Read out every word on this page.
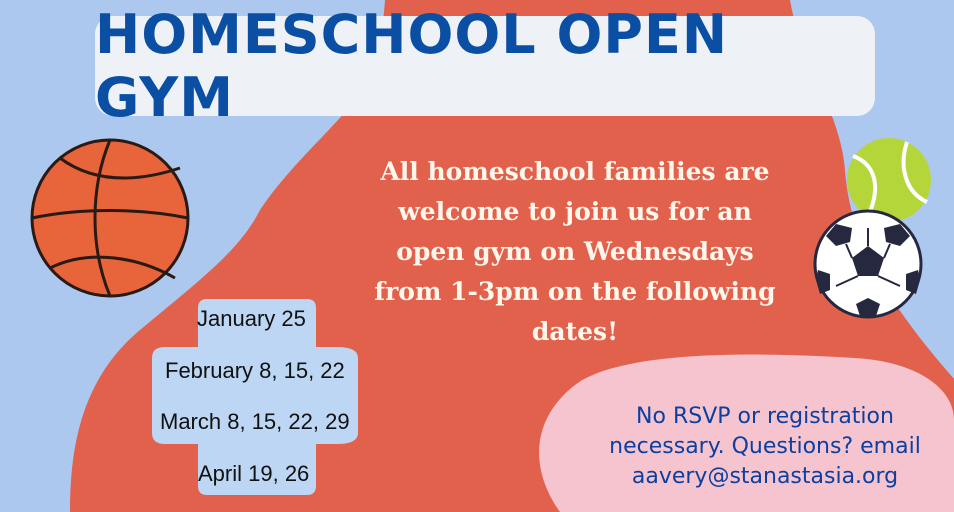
HOMESCHOOL OPEN GYM
All homeschool families are
welcome to join us for an
open gym on Wednesdays
from 1-3pm on the following
dates!
January 25
February 8, 15, 22
March 8, 15, 22, 29
April 19, 26
No RSVP or registration
necessary. Questions? email
aavery@stanastasia.org
